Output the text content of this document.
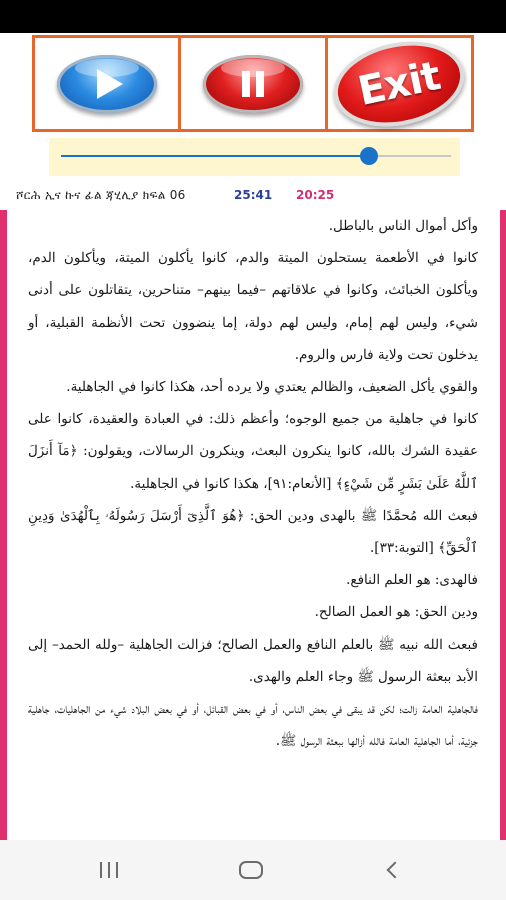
Exit
ሾርሕ ኢና ኩና ፊል ጃሂሊያ ክፍል 06	25:41 20:25

وأكل أموال الناس بالباطل.

كانوا في الأطعمة يستحلون الميتة والدم، كانوا يأكلون الميتة، ويأكلون الدم، ويأكلون الخبائث، وكانوا في علاقاتهم –فيما بينهم– متناحرين، يتقاتلون على أدنى شيء، وليس لهم إمام، وليس لهم دولة، إما ينضوون تحت الأنظمة القبلية، أو يدخلون تحت ولاية فارس والروم.

والقوي يأكل الضعيف، والظالم يعتدي ولا يرده أحد، هكذا كانوا في الجاهلية.

كانوا في جاهلية من جميع الوجوه؛ وأعظم ذلك: في العبادة والعقيدة، كانوا على عقيدة الشرك بالله، كانوا ينكرون البعث، وينكرون الرسالات، ويقولون: ﴿مَآ أَنزَلَ ٱللَّهُ عَلَىٰ بَشَرٍ مِّن شَيْءٍ﴾ [الأنعام:٩١]، هكذا كانوا في الجاهلية.

فبعث الله مُحمَّدًا ﷺ بالهدى ودين الحق: ﴿هُوَ ٱلَّذِىٓ أَرْسَلَ رَسُولَهُۥ بِٱلْهُدَىٰ وَدِينِ ٱلْحَقِّ﴾ [التوبة:٣٣].

فالهدى: هو العلم النافع.

ودين الحق: هو العمل الصالح.

فبعث الله نبيه ﷺ بالعلم النافع والعمل الصالح؛ فزالت الجاهلية –ولله الحمد– إلى الأبد ببعثة الرسول ﷺ وجاء العلم والهدى.

فالجاهلية العامة زالت؛ لكن قد يبقى في بعض الناس، أو في بعض القبائل، أو في بعض البلاد شيء من الجاهليات، جاهلية جزئية، أما الجاهلية العامة فالله أزالها ببعثة الرسول ﷺ.
